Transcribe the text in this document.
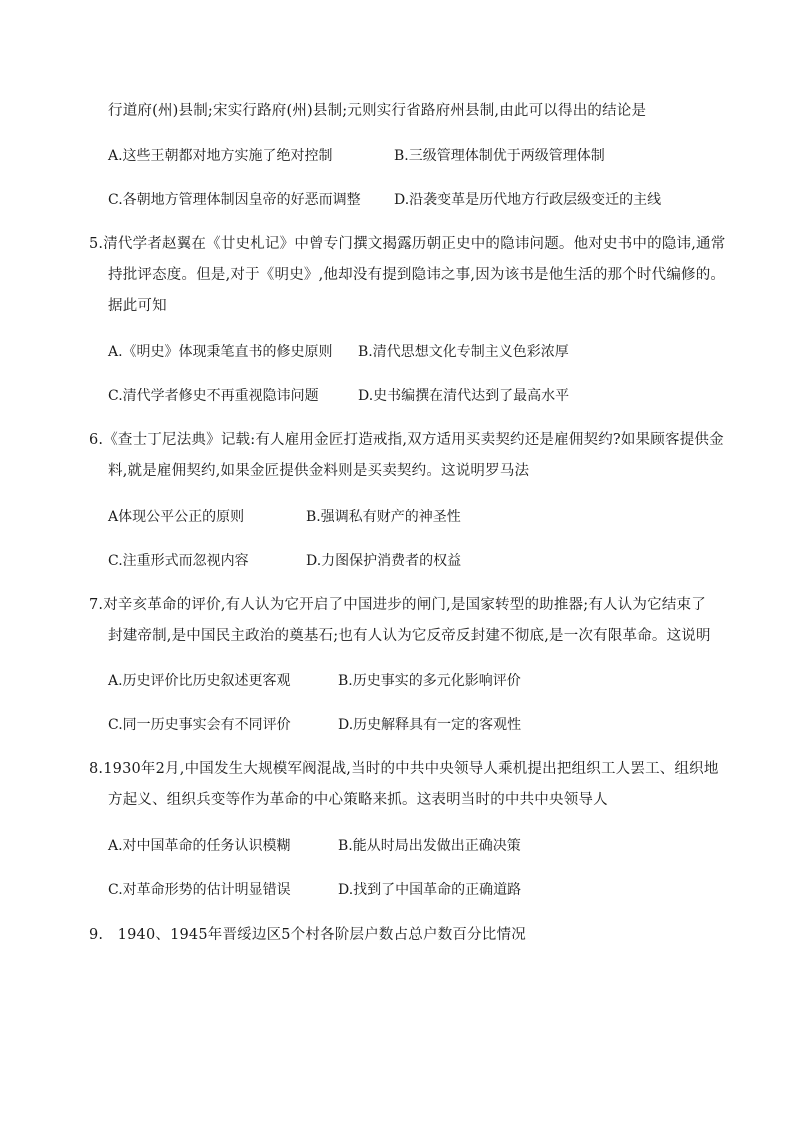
行道府(州)县制;宋实行路府(州)县制;元则实行省路府州县制,由此可以得出的结论是
A.这些王朝都对地方实施了绝对控制	B.三级管理体制优于两级管理体制
C.各朝地方管理体制因皇帝的好恶而调整 D.沿袭变革是历代地方行政层级变迁的主线
5.清代学者赵翼在《廿史札记》中曾专门撰文揭露历朝正史中的隐讳问题。他对史书中的隐讳,通常
持批评态度。但是,对于《明史》,他却没有提到隐讳之事,因为该书是他生活的那个时代编修的。
据此可知
A.《明史》体现秉笔直书的修史原则 B.清代思想文化专制主义色彩浓厚
C.清代学者修史不再重视隐讳问题	D.史书编撰在清代达到了最高水平
6.《查士丁尼法典》记载:有人雇用金匠打造戒指,双方适用买卖契约还是雇佣契约?如果顾客提供金
料,就是雇佣契约,如果金匠提供金料则是买卖契约。这说明罗马法
A体现公平公正的原则	B.强调私有财产的神圣性
C.注重形式而忽视内容	D.力图保护消费者的权益
7.对辛亥革命的评价,有人认为它开启了中国进步的闸门,是国家转型的助推器;有人认为它结束了
封建帝制,是中国民主政治的奠基石;也有人认为它反帝反封建不彻底,是一次有限革命。这说明
A.历史评价比历史叙述更客观	B.历史事实的多元化影响评价
C.同一历史事实会有不同评价	D.历史解释具有一定的客观性
8.1930年2月,中国发生大规模军阀混战,当时的中共中央领导人乘机提出把组织工人罢工、组织地
方起义、组织兵变等作为革命的中心策略来抓。这表明当时的中共中央领导人
A.对中国革命的任务认识模糊	B.能从时局出发做出正确决策
C.对革命形势的估计明显错误	D.找到了中国革命的正确道路
9.   1940、1945年晋绥边区5个村各阶层户数占总户数百分比情况
